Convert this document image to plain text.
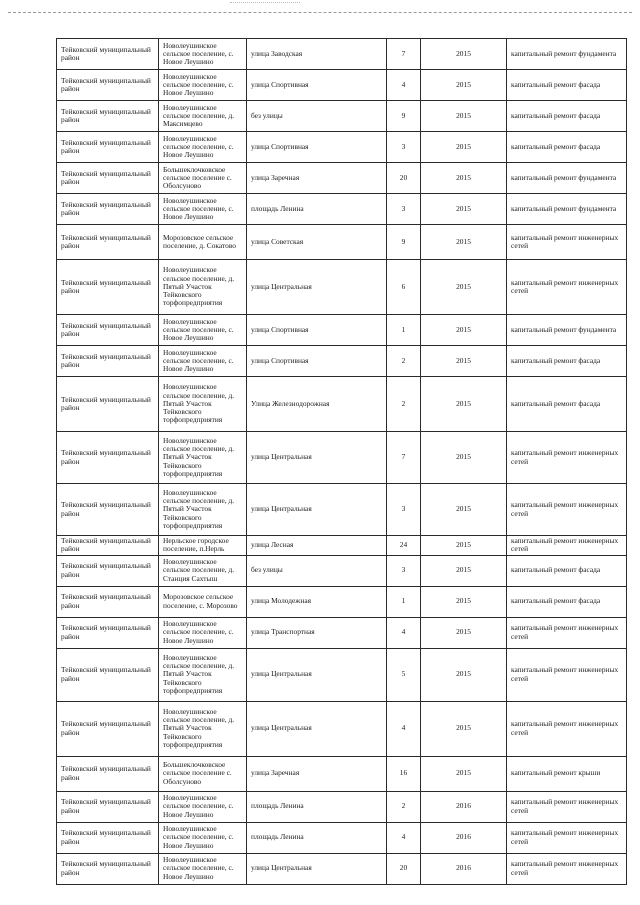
Тейковский муниципальный район	Новолеушинское сельское поселение, с. Новое Леушино	улица Заводская	7	2015	капитальный ремонт фундамента
Тейковский муниципальный район	Новолеушинское сельское поселение, с. Новое Леушино	улица Спортивная	4	2015	капитальный ремонт фасада
Тейковский муниципальный район	Новолеушинское сельское поселение, д. Максимцево	без улицы	9	2015	капитальный ремонт фасада
Тейковский муниципальный район	Новолеушинское сельское поселение, с. Новое Леушино	улица Спортивная	3	2015	капитальный ремонт фасада
Тейковский муниципальный район	Большеклочковское сельское поселение с. Оболсуново	улица Заречная	20	2015	капитальный ремонт фундамента
Тейковский муниципальный район	Новолеушинское сельское поселение, с. Новое Леушино	площадь Ленина	3	2015	капитальный ремонт фундамента
Тейковский муниципальный район	Морозовское сельское поселение, д. Сокатово	улица Советская	9	2015	капитальный ремонт инженерных сетей
Тейковский муниципальный район	Новолеушинское сельское поселение, д. Пятый Участок Тейковского торфопредприятия	улица Центральная	6	2015	капитальный ремонт инженерных сетей
Тейковский муниципальный район	Новолеушинское сельское поселение, с. Новое Леушино	улица Спортивная	1	2015	капитальный ремонт фундамента
Тейковский муниципальный район	Новолеушинское сельское поселение, с. Новое Леушино	улица Спортивная	2	2015	капитальный ремонт фасада
Тейковский муниципальный район	Новолеушинское сельское поселение, д. Пятый Участок Тейковского торфопредприятия	Улица Железнодорожная	2	2015	капитальный ремонт фасада
Тейковский муниципальный район	Новолеушинское сельское поселение, д. Пятый Участок Тейковского торфопредприятия	улица Центральная	7	2015	капитальный ремонт инженерных сетей
Тейковский муниципальный район	Новолеушинское сельское поселение, д. Пятый Участок Тейковского торфопредприятия	улица Центральная	3	2015	капитальный ремонт инженерных сетей
Тейковский муниципальный район	Нерльское городское поселение, п.Нерль	улица Лесная	24	2015	капитальный ремонт инженерных сетей
Тейковский муниципальный район	Новолеушинское сельское поселение, д. Станция Сахтыш	без улицы	3	2015	капитальный ремонт фасада
Тейковский муниципальный район	Морозовское сельское поселение, с. Морозово	улица Молодежная	1	2015	капитальный ремонт фасада
Тейковский муниципальный район	Новолеушинское сельское поселение, с. Новое Леушино	улица Транспортная	4	2015	капитальный ремонт инженерных сетей
Тейковский муниципальный район	Новолеушинское сельское поселение, д. Пятый Участок Тейковского торфопредприятия	улица Центральная	5	2015	капитальный ремонт инженерных сетей
Тейковский муниципальный район	Новолеушинское сельское поселение, д. Пятый Участок Тейковского торфопредприятия	улица Центральная	4	2015	капитальный ремонт инженерных сетей
Тейковский муниципальный район	Большеклочковское сельское поселение с. Оболсуново	улица Заречная	16	2015	капитальный ремонт крыши
Тейковский муниципальный район	Новолеушинское сельское поселение, с. Новое Леушино	площадь Ленина	2	2016	капитальный ремонт инженерных сетей
Тейковский муниципальный район	Новолеушинское сельское поселение, с. Новое Леушино	площадь Ленина	4	2016	капитальный ремонт инженерных сетей
Тейковский муниципальный район	Новолеушинское сельское поселение, с. Новое Леушино	улица Центральная	20	2016	капитальный ремонт инженерных сетей
